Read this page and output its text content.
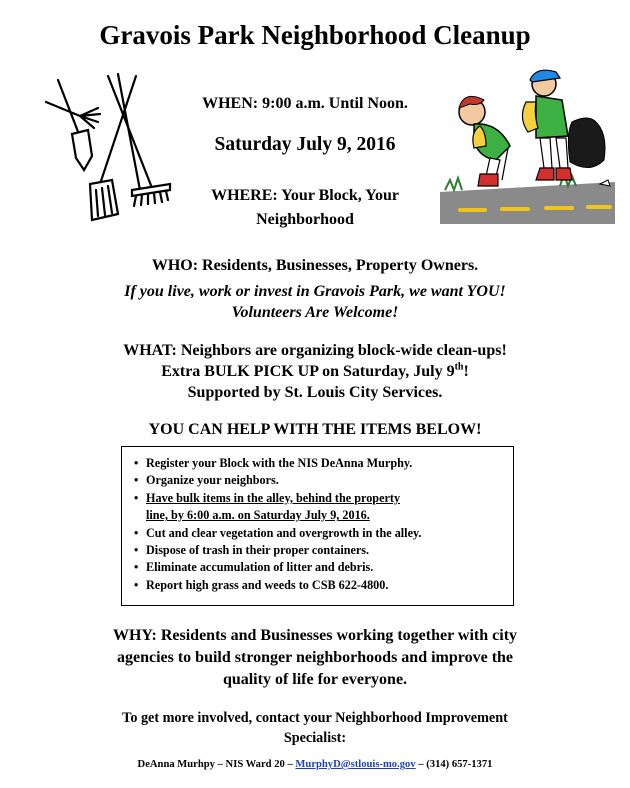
Gravois Park Neighborhood Cleanup
WHEN: 9:00 a.m. Until Noon.
Saturday July 9, 2016
WHERE: Your Block, Your
Neighborhood
WHO: Residents, Businesses, Property Owners.
If you live, work or invest in Gravois Park, we want YOU!
Volunteers Are Welcome!
WHAT: Neighbors are organizing block-wide clean-ups!
Extra BULK PICK UP on Saturday, July 9th!
Supported by St. Louis City Services.
YOU CAN HELP WITH THE ITEMS BELOW!
• Register your Block with the NIS DeAnna Murphy.
• Organize your neighbors.
• Have bulk items in the alley, behind the property
line, by 6:00 a.m. on Saturday July 9, 2016.
• Cut and clear vegetation and overgrowth in the alley.
• Dispose of trash in their proper containers.
• Eliminate accumulation of litter and debris.
• Report high grass and weeds to CSB 622-4800.
WHY: Residents and Businesses working together with city
agencies to build stronger neighborhoods and improve the
quality of life for everyone.
To get more involved, contact your Neighborhood Improvement
Specialist:
DeAnna Murhpy – NIS Ward 20 – MurphyD@stlouis-mo.gov – (314) 657-1371
